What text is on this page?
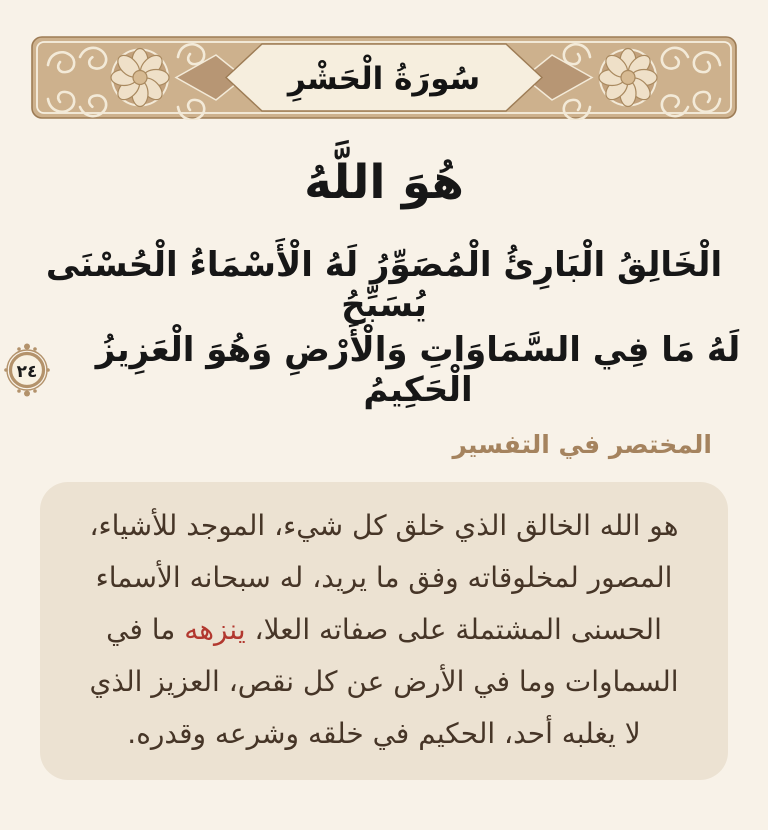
سُورَةُ الْحَشْرِ
هُوَ اللَّهُ
الْخَالِقُ الْبَارِئُ الْمُصَوِّرُ لَهُ الْأَسْمَاءُ الْحُسْنَى يُسَبِّحُ
لَهُ مَا فِي السَّمَاوَاتِ وَالْأَرْضِ وَهُوَ الْعَزِيزُ الْحَكِيمُ
٢٤
المختصر في التفسير

هو الله الخالق الذي خلق كل شيء، الموجد للأشياء، المصور لمخلوقاته وفق ما يريد، له سبحانه الأسماء الحسنى المشتملة على صفاته العلا، ينزهه ما في السماوات وما في الأرض عن كل نقص، العزيز الذي لا يغلبه أحد، الحكيم في خلقه وشرعه وقدره.
